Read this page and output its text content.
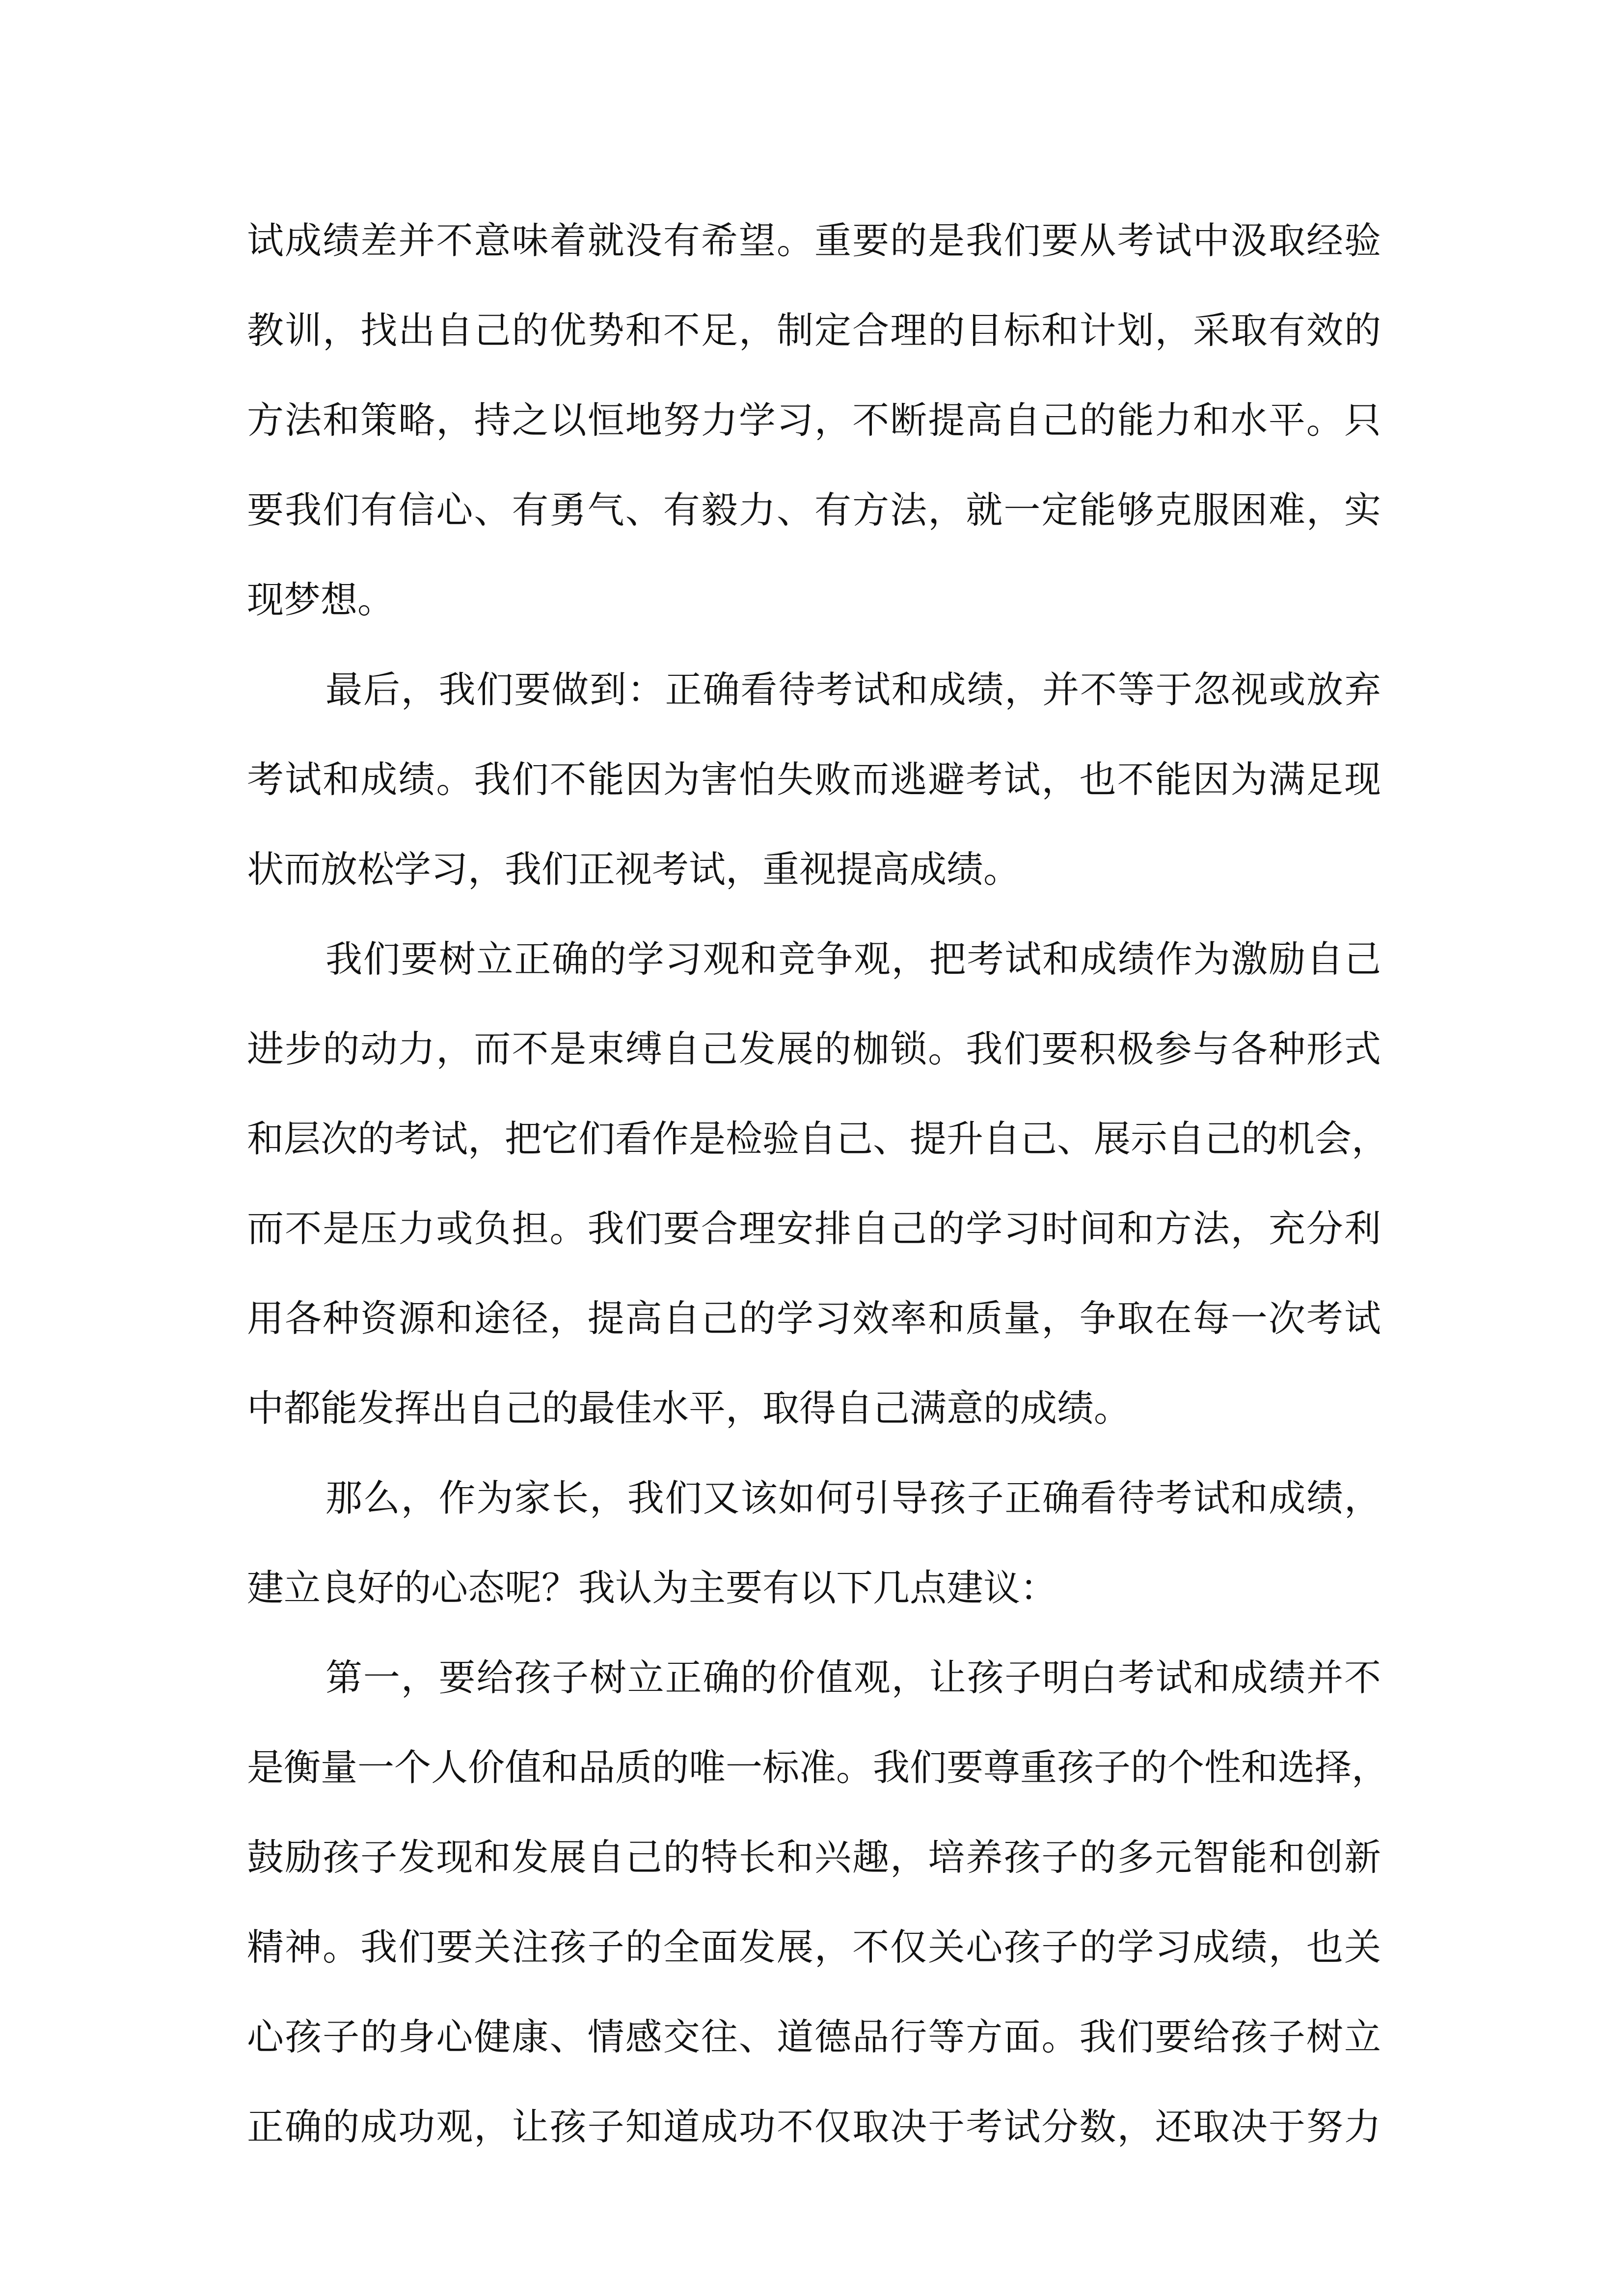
试成绩差并不意味着就没有希望。重要的是我们要从考试中汲取经验
教训，找出自己的优势和不足，制定合理的目标和计划，采取有效的
方法和策略，持之以恒地努力学习，不断提高自己的能力和水平。只
要我们有信心、有勇气、有毅力、有方法，就一定能够克服困难，实
现梦想。
最后，我们要做到：正确看待考试和成绩，并不等于忽视或放弃
考试和成绩。我们不能因为害怕失败而逃避考试，也不能因为满足现
状而放松学习，我们正视考试，重视提高成绩。
我们要树立正确的学习观和竞争观，把考试和成绩作为激励自己
进步的动力，而不是束缚自己发展的枷锁。我们要积极参与各种形式
和层次的考试，把它们看作是检验自己、提升自己、展示自己的机会，
而不是压力或负担。我们要合理安排自己的学习时间和方法，充分利
用各种资源和途径，提高自己的学习效率和质量，争取在每一次考试
中都能发挥出自己的最佳水平，取得自己满意的成绩。
那么，作为家长，我们又该如何引导孩子正确看待考试和成绩，
建立良好的心态呢？我认为主要有以下几点建议：
第一，要给孩子树立正确的价值观，让孩子明白考试和成绩并不
是衡量一个人价值和品质的唯一标准。我们要尊重孩子的个性和选择，
鼓励孩子发现和发展自己的特长和兴趣，培养孩子的多元智能和创新
精神。我们要关注孩子的全面发展，不仅关心孩子的学习成绩，也关
心孩子的身心健康、情感交往、道德品行等方面。我们要给孩子树立
正确的成功观，让孩子知道成功不仅取决于考试分数，还取决于努力
